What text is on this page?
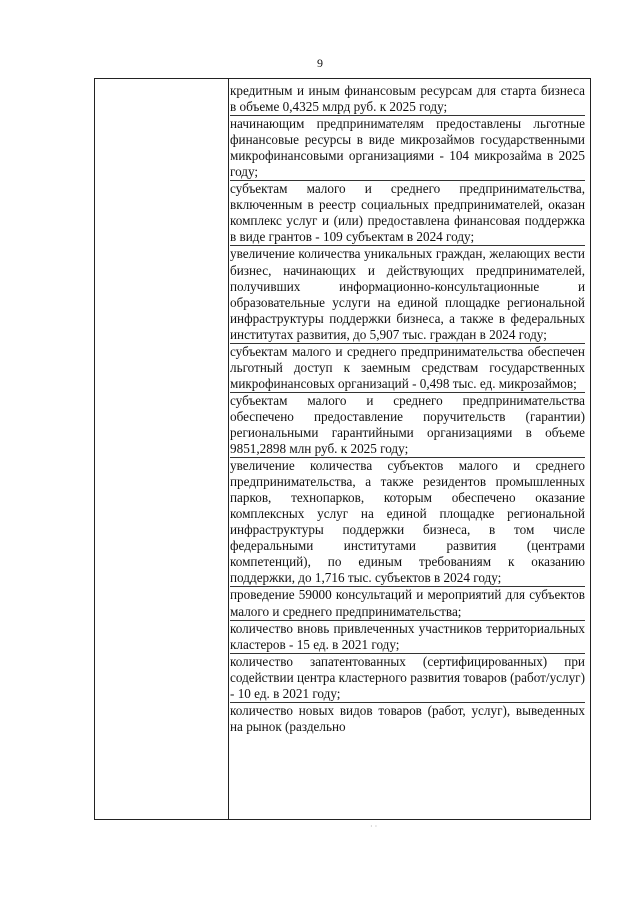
9

кредитным и иным финансовым ресурсам для старта бизнеса в объеме 0,4325 млрд руб. к 2025 году;

начинающим предпринимателям предоставлены льготные финансовые ресурсы в виде микрозаймов государственными микрофинансовыми организациями - 104 микрозайма в 2025 году;

субъектам малого и среднего предпринимательства, включенным в реестр социальных предпринимателей, оказан комплекс услуг и (или) предоставлена финансовая поддержка в виде грантов - 109 субъектам в 2024 году;

увеличение количества уникальных граждан, желающих вести бизнес, начинающих и действующих предпринимателей, получивших информационно-консультационные и образовательные услуги на единой площадке региональной инфраструктуры поддержки бизнеса, а также в федеральных институтах развития, до 5,907 тыс. граждан в 2024 году;

субъектам малого и среднего предпринимательства обеспечен льготный доступ к заемным средствам государственных микрофинансовых организаций - 0,498 тыс. ед. микрозаймов;

субъектам малого и среднего предпринимательства обеспечено предоставление поручительств (гарантии) региональными гарантийными организациями в объеме 9851,2898 млн руб. к 2025 году;

увеличение количества субъектов малого и среднего предпринимательства, а также резидентов промышленных парков, технопарков, которым обеспечено оказание комплексных услуг на единой площадке региональной инфраструктуры поддержки бизнеса, в том числе федеральными институтами развития (центрами компетенций), по единым требованиям к оказанию поддержки, до 1,716 тыс. субъектов в 2024 году;

проведение 59000 консультаций и мероприятий для субъектов малого и среднего предпринимательства;

количество вновь привлеченных участников территориальных кластеров - 15 ед. в 2021 году;

количество запатентованных (сертифицированных) при содействии центра кластерного развития товаров (работ/услуг) - 10 ед. в 2021 году;

количество новых видов товаров (работ, услуг), выведенных на рынок (раздельно

· ·
